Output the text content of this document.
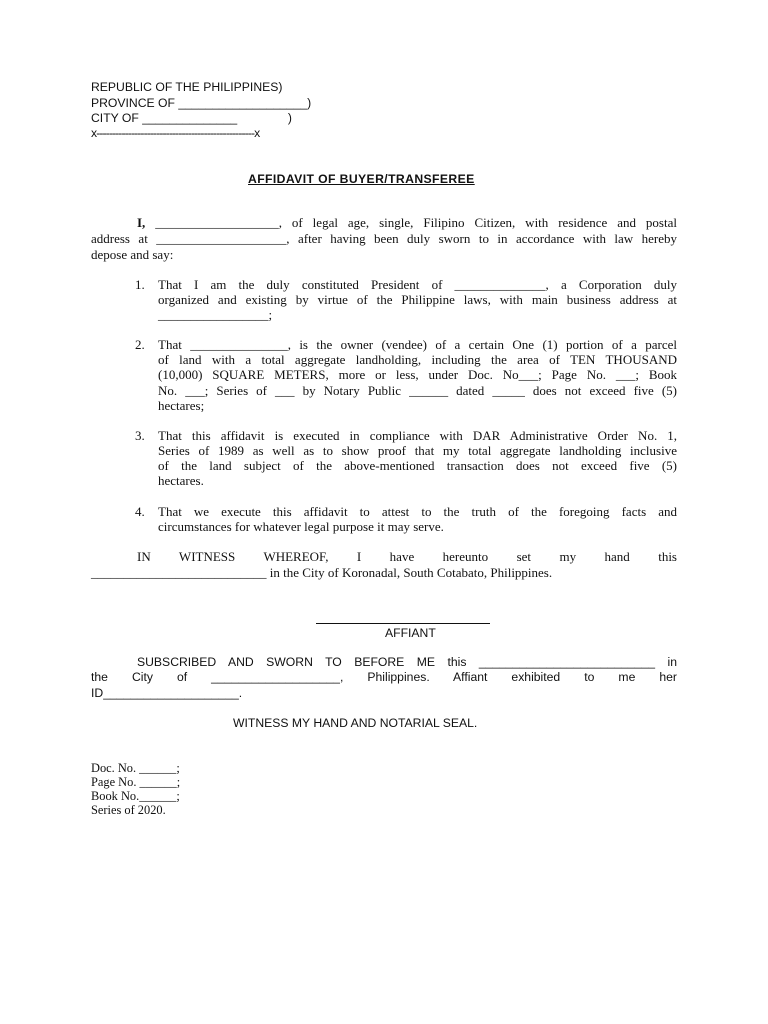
REPUBLIC OF THE PHILIPPINES)
PROVINCE OF ___________________)
CITY OF ______________               )
x--------------------------------------------------x
AFFIDAVIT OF BUYER/TRANSFEREE
I, ___________________, of legal age, single, Filipino Citizen, with residence and postal
address at ____________________, after having been duly sworn to in accordance with law hereby
depose and say:
1. That I am the duly constituted President of ______________, a Corporation duly
organized and existing by virtue of the Philippine laws, with main business address at
_________________;
2. That _______________, is the owner (vendee) of a certain One (1) portion of a parcel
of land with a total aggregate landholding, including the area of TEN THOUSAND
(10,000) SQUARE METERS, more or less, under Doc. No___; Page No. ___; Book
No. ___; Series of ___ by Notary Public ______ dated _____ does not exceed five (5)
hectares;
3. That this affidavit is executed in compliance with DAR Administrative Order No. 1,
Series of 1989 as well as to show proof that my total aggregate landholding inclusive
of the land subject of the above-mentioned transaction does not exceed five (5)
hectares.
4. That we execute this affidavit to attest to the truth of the foregoing facts and
circumstances for whatever legal purpose it may serve.
IN WITNESS WHEREOF, I have hereunto set my hand this
___________________________ in the City of Koronadal, South Cotabato, Philippines.
AFFIANT
SUBSCRIBED AND SWORN TO BEFORE ME this __________________________ in
the City of ___________________, Philippines. Affiant exhibited to me her
ID____________________.
WITNESS MY HAND AND NOTARIAL SEAL.
Doc. No. ______;
Page No. ______;
Book No.______;
Series of 2020.
